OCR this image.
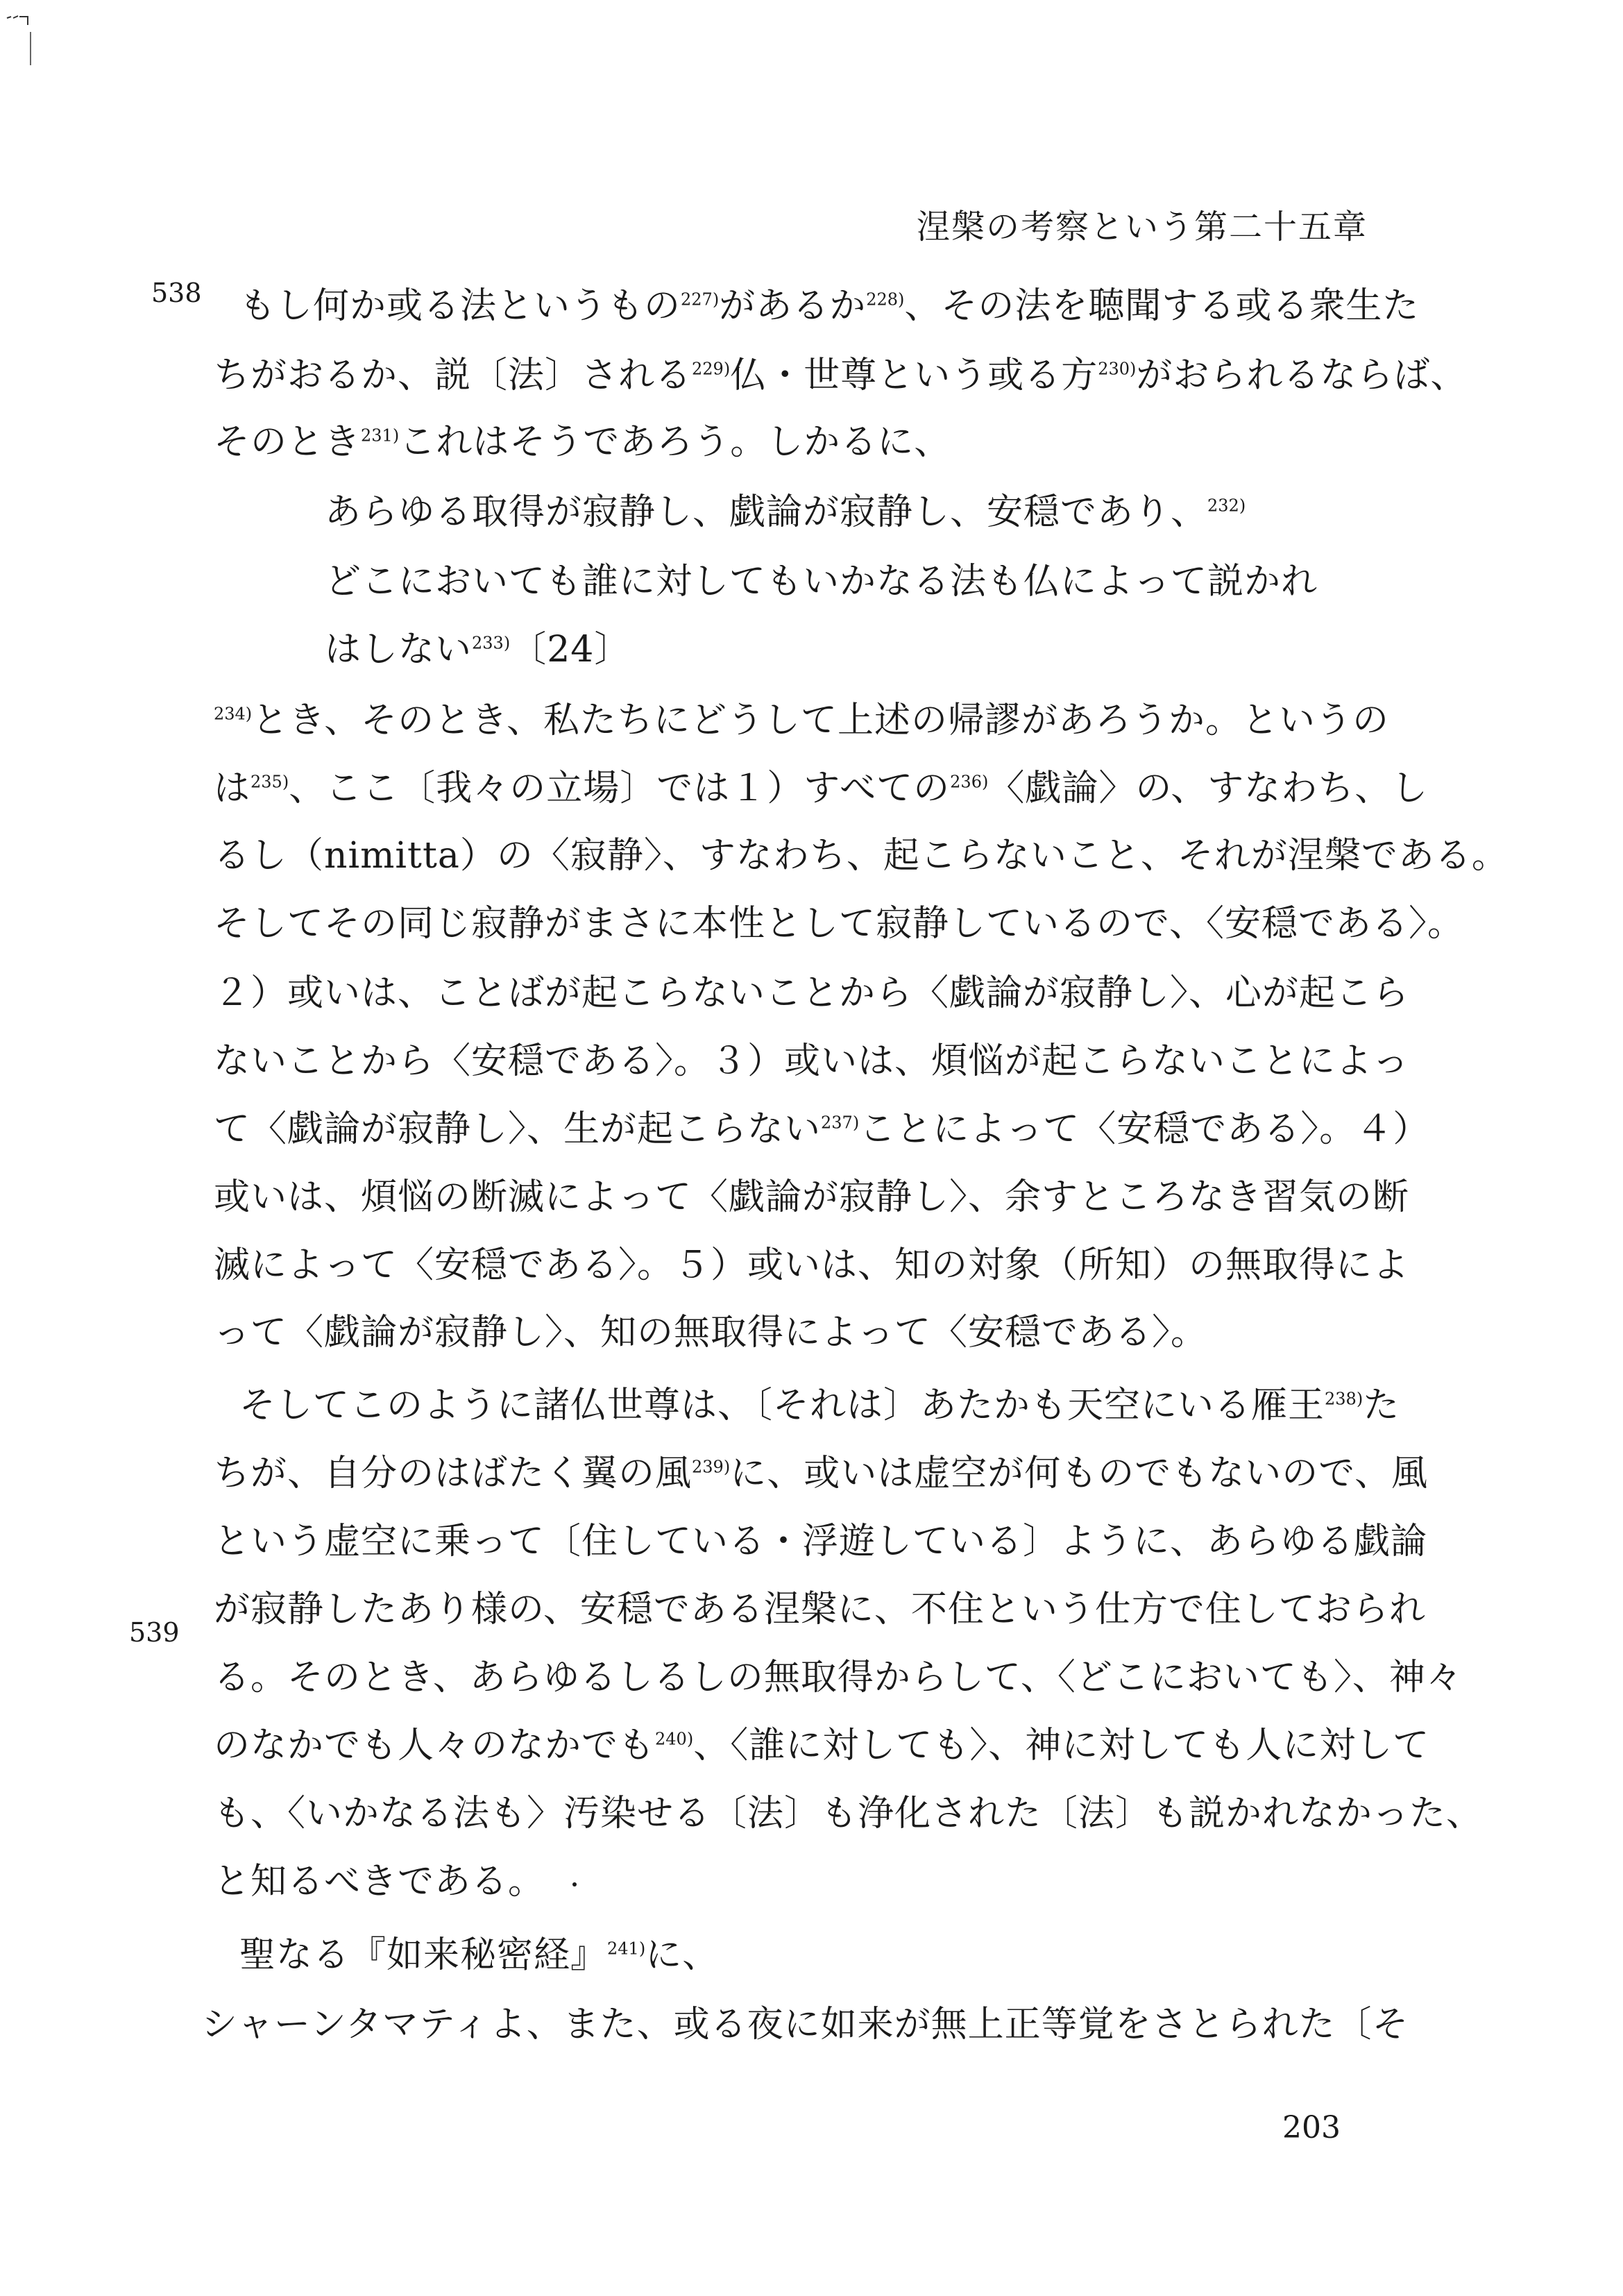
涅槃の考察という第二十五章
538
539
もし何か或る法というもの$^{227)}$があるか$^{228)}$、その法を聴聞する或る衆生た
ちがおるか、説〔法〕される$^{229)}$仏・世尊という或る方$^{230)}$がおられるならば、
そのとき$^{231)}$これはそうであろう。しかるに、
あらゆる取得が寂静し、戯論が寂静し、安穏であり、$^{232)}$
どこにおいても誰に対してもいかなる法も仏によって説かれ
はしない$^{233)}$〔24〕
$^{234)}$とき、そのとき、私たちにどうして上述の帰謬があろうか。というの
は$^{235)}$、ここ〔我々の立場〕では１）すべての$^{236)}$〈戯論〉の、すなわち、し
るし（nimitta）の〈寂静〉、すなわち、起こらないこと、それが涅槃である。
そしてその同じ寂静がまさに本性として寂静しているので、〈安穏である〉。
２）或いは、ことばが起こらないことから〈戯論が寂静し〉、心が起こら
ないことから〈安穏である〉。３）或いは、煩悩が起こらないことによっ
て〈戯論が寂静し〉、生が起こらない$^{237)}$ことによって〈安穏である〉。４）
或いは、煩悩の断滅によって〈戯論が寂静し〉、余すところなき習気の断
滅によって〈安穏である〉。５）或いは、知の対象（所知）の無取得によ
って〈戯論が寂静し〉、知の無取得によって〈安穏である〉。
そしてこのように諸仏世尊は、〔それは〕あたかも天空にいる雁王$^{238)}$た
ちが、自分のはばたく翼の風$^{239)}$に、或いは虚空が何ものでもないので、風
という虚空に乗って〔住している・浮遊している〕ように、あらゆる戯論
が寂静したあり様の、安穏である涅槃に、不住という仕方で住しておられ
る。そのとき、あらゆるしるしの無取得からして、〈どこにおいても〉、神々
のなかでも人々のなかでも$^{240)}$、〈誰に対しても〉、神に対しても人に対して
も、〈いかなる法も〉汚染せる〔法〕も浄化された〔法〕も説かれなかった、
と知るべきである。
聖なる『如来秘密経』$^{241)}$に、
シャーンタマティよ、また、或る夜に如来が無上正等覚をさとられた〔そ
203
